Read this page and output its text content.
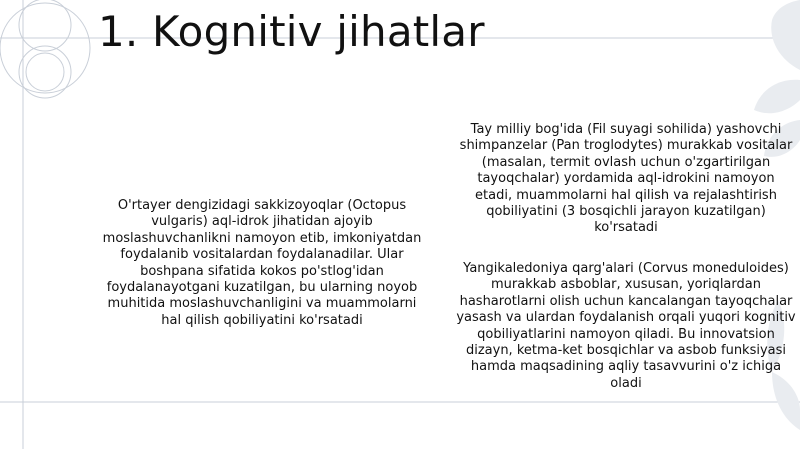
1. Kognitiv jihatlar

O'rtayer dengizidagi sakkizoyoqlar (Octopus vulgaris) aql-idrok jihatidan ajoyib moslashuvchanlikni namoyon etib, imkoniyatdan foydalanib vositalardan foydalanadilar. Ular boshpana sifatida kokos po'stlog'idan foydalanayotgani kuzatilgan, bu ularning noyob muhitida moslashuvchanligini va muammolarni hal qilish qobiliyatini ko'rsatadi

Tay milliy bog'ida (Fil suyagi sohilida) yashovchi shimpanzelar (Pan troglodytes) murakkab vositalar (masalan, termit ovlash uchun o'zgartirilgan tayoqchalar) yordamida aql-idrokini namoyon etadi, muammolarni hal qilish va rejalashtirish qobiliyatini (3 bosqichli jarayon kuzatilgan) ko'rsatadi

Yangikaledoniya qarg'alari (Corvus moneduloides) murakkab asboblar, xususan, yoriqlardan hasharotlarni olish uchun kancalangan tayoqchalar yasash va ulardan foydalanish orqali yuqori kognitiv qobiliyatlarini namoyon qiladi. Bu innovatsion dizayn, ketma-ket bosqichlar va asbob funksiyasi hamda maqsadining aqliy tasavvurini o'z ichiga oladi
